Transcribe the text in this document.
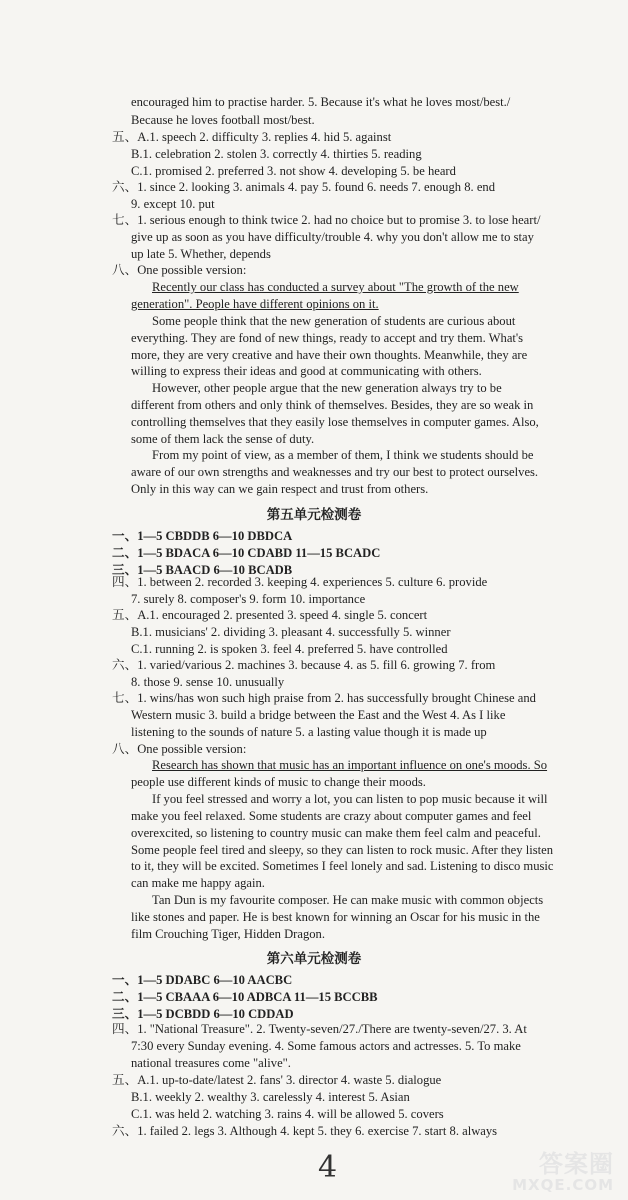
encouraged him to practise harder. 5. Because it's what he loves most/best./
Because he loves football most/best.
五、A.1. speech 2. difficulty 3. replies 4. hid 5. against
B.1. celebration 2. stolen 3. correctly 4. thirties 5. reading
C.1. promised 2. preferred 3. not show 4. developing 5. be heard
六、1. since 2. looking 3. animals 4. pay 5. found 6. needs 7. enough 8. end
9. except 10. put
七、1. serious enough to think twice 2. had no choice but to promise 3. to lose heart/
give up as soon as you have difficulty/trouble 4. why you don't allow me to stay
up late 5. Whether, depends
八、One possible version:
Recently our class has conducted a survey about "The growth of the new
generation". People have different opinions on it.
Some people think that the new generation of students are curious about
everything. They are fond of new things, ready to accept and try them. What's
more, they are very creative and have their own thoughts. Meanwhile, they are
willing to express their ideas and good at communicating with others.
However, other people argue that the new generation always try to be
different from others and only think of themselves. Besides, they are so weak in
controlling themselves that they easily lose themselves in computer games. Also,
some of them lack the sense of duty.
From my point of view, as a member of them, I think we students should be
aware of our own strengths and weaknesses and try our best to protect ourselves.
Only in this way can we gain respect and trust from others.
一、1—5 CBDDB 6—10 DBDCA
二、1—5 BDACA 6—10 CDABD 11—15 BCADC
三、1—5 BAACD 6—10 BCADB
四、1. between 2. recorded 3. keeping 4. experiences 5. culture 6. provide
7. surely 8. composer's 9. form 10. importance
五、A.1. encouraged 2. presented 3. speed 4. single 5. concert
B.1. musicians' 2. dividing 3. pleasant 4. successfully 5. winner
C.1. running 2. is spoken 3. feel 4. preferred 5. have controlled
六、1. varied/various 2. machines 3. because 4. as 5. fill 6. growing 7. from
8. those 9. sense 10. unusually
七、1. wins/has won such high praise from 2. has successfully brought Chinese and
Western music 3. build a bridge between the East and the West 4. As I like
listening to the sounds of nature 5. a lasting value though it is made up
八、One possible version:
Research has shown that music has an important influence on one's moods. So
people use different kinds of music to change their moods.
If you feel stressed and worry a lot, you can listen to pop music because it will
make you feel relaxed. Some students are crazy about computer games and feel
overexcited, so listening to country music can make them feel calm and peaceful.
Some people feel tired and sleepy, so they can listen to rock music. After they listen
to it, they will be excited. Sometimes I feel lonely and sad. Listening to disco music
can make me happy again.
Tan Dun is my favourite composer. He can make music with common objects
like stones and paper. He is best known for winning an Oscar for his music in the
film Crouching Tiger, Hidden Dragon.
一、1—5 DDABC 6—10 AACBC
二、1—5 CBAAA 6—10 ADBCA 11—15 BCCBB
三、1—5 DCBDD 6—10 CDDAD
四、1. "National Treasure". 2. Twenty-seven/27./There are twenty-seven/27. 3. At
7:30 every Sunday evening. 4. Some famous actors and actresses. 5. To make
national treasures come "alive".
五、A.1. up-to-date/latest 2. fans' 3. director 4. waste 5. dialogue
B.1. weekly 2. wealthy 3. carelessly 4. interest 5. Asian
C.1. was held 2. watching 3. rains 4. will be allowed 5. covers
六、1. failed 2. legs 3. Although 4. kept 5. they 6. exercise 7. start 8. always
第五单元检测卷
第六单元检测卷
4	答案圈
MXQE.COM
